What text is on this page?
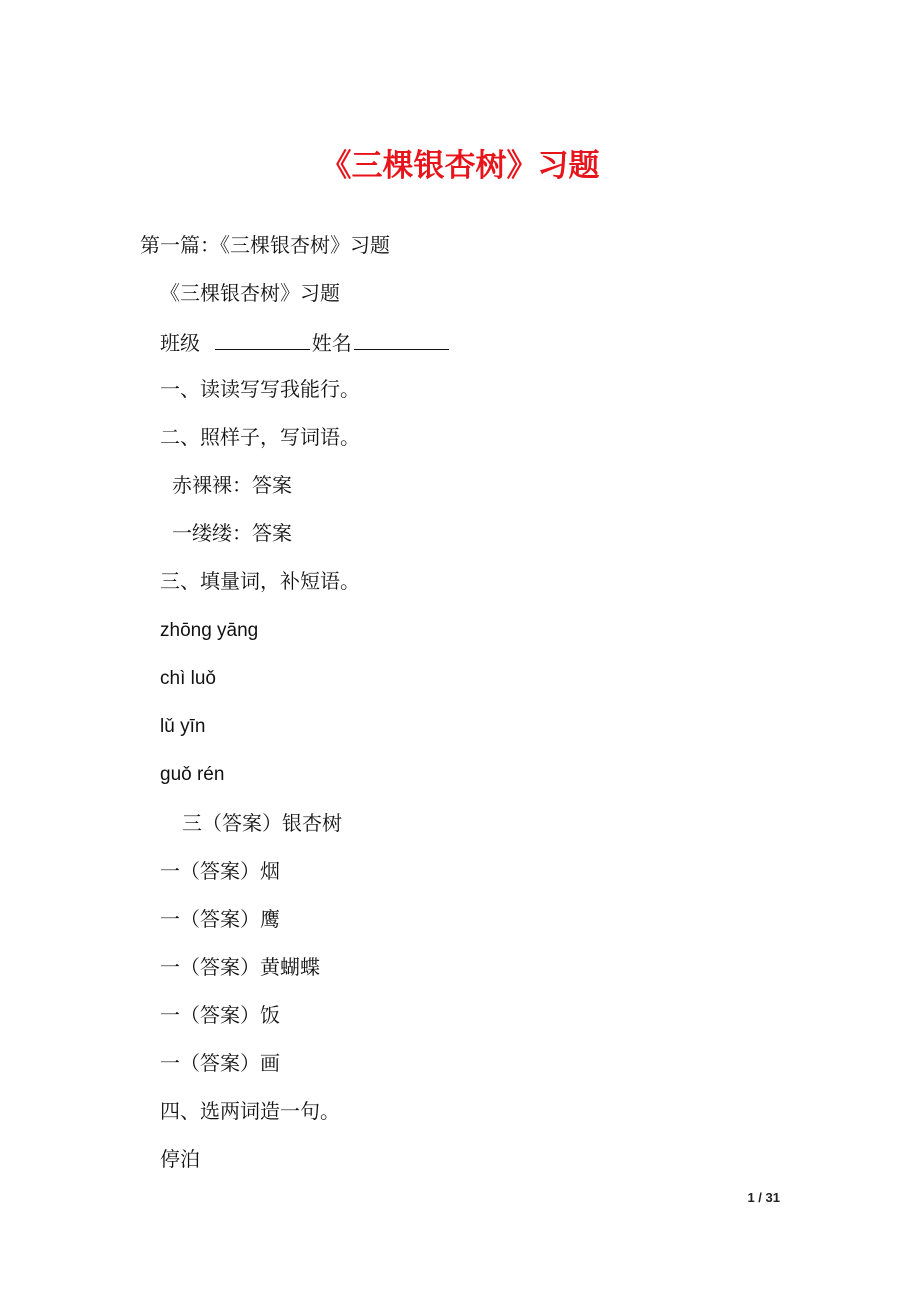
《三棵银杏树》习题

第一篇：《三棵银杏树》习题

《三棵银杏树》习题

班级	姓名

一、读读写写我能行。

二、照样子，写词语。

赤裸裸：答案

一缕缕：答案

三、填量词，补短语。

zhōng yāng

chì luǒ

lǔ yīn

guǒ rén

三（答案）银杏树

一（答案）烟

一（答案）鹰

一（答案）黄蝴蝶

一（答案）饭

一（答案）画

四、选两词造一句。

停泊

1 / 31
